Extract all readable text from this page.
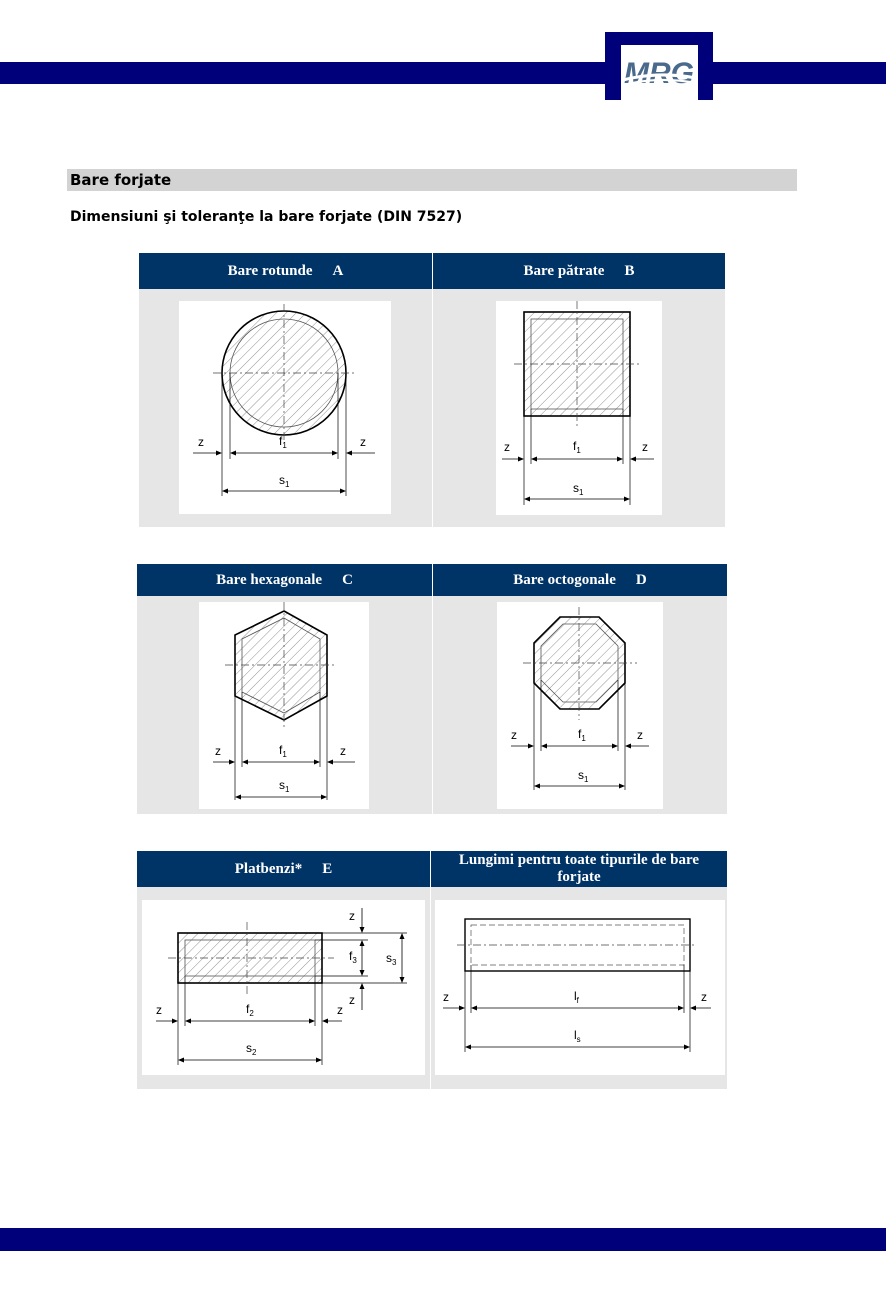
MRG
Bare forjate
Dimensiuni şi toleranţe la bare forjate (DIN 7527)
Bare rotunde A
z	z
$f_1$
$s_1$
Bare pătrate B
z	z
$f_1$
$s_1$
Bare hexagonale C
z	z
$f_1$
$s_1$
Bare octogonale D
z	z
$f_1$
$s_1$
Platbenzi* E
z
z
z	z
$f_3$ $s_3$
$f_2$
$s_2$
Lungimi pentru toate tipurile de bare forjate
z	z
$l_f$
$l_s$
